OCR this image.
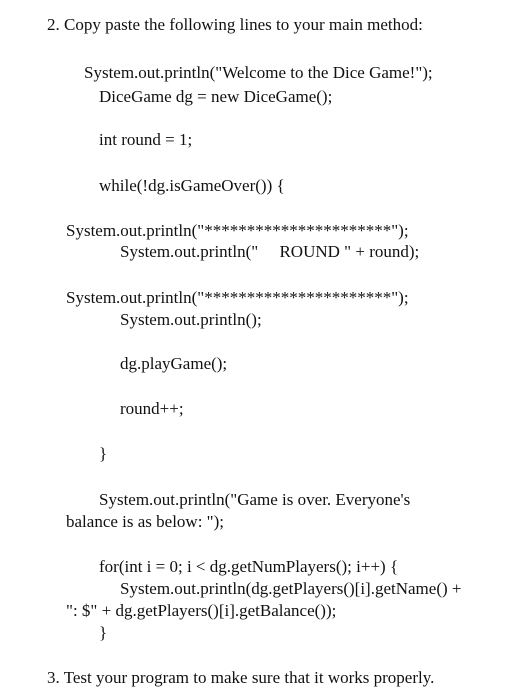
2. Copy paste the following lines to your main method:

System.out.println("Welcome to the Dice Game!");

DiceGame dg = new DiceGame();

int round = 1;

while(!dg.isGameOver()) {

System.out.println("**********************");

System.out.println("     ROUND " + round);

System.out.println("**********************");

System.out.println();

dg.playGame();

round++;

}

System.out.println("Game is over. Everyone's

balance is as below: ");

for(int i = 0; i < dg.getNumPlayers(); i++) {

System.out.println(dg.getPlayers()[i].getName() +

": $" + dg.getPlayers()[i].getBalance());

}

3. Test your program to make sure that it works properly.
